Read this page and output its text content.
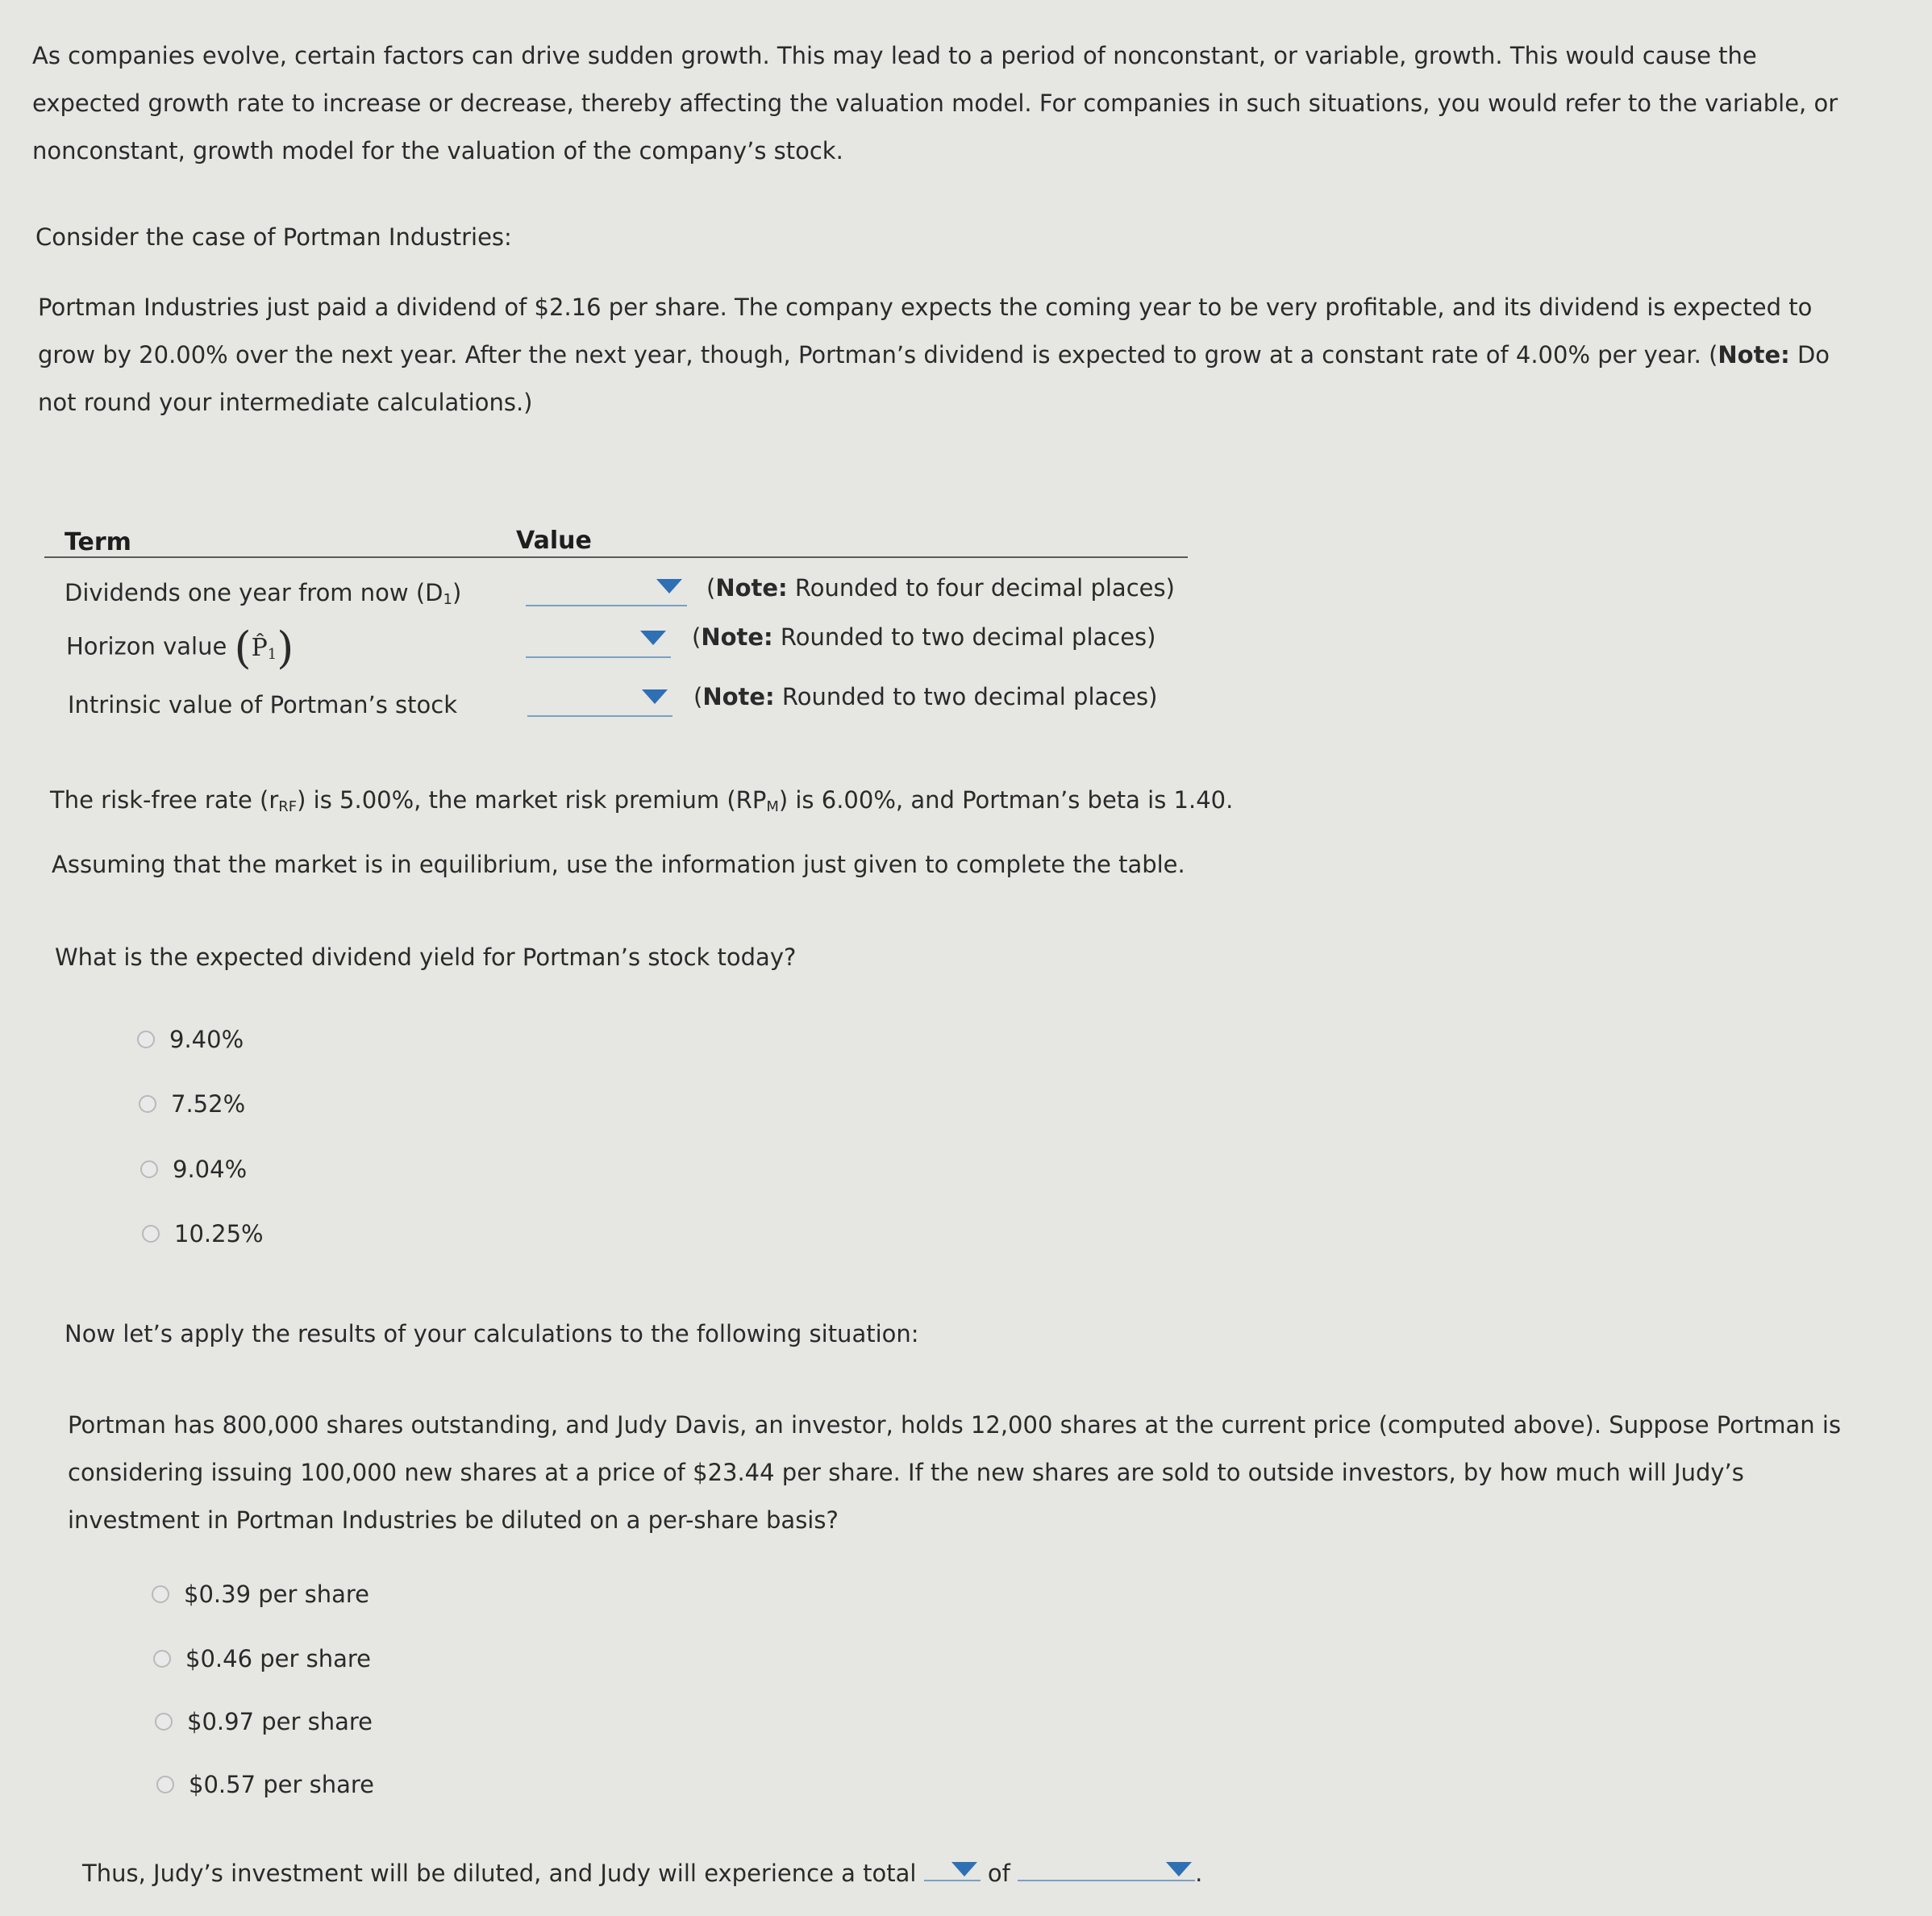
As companies evolve, certain factors can drive sudden growth. This may lead to a period of nonconstant, or variable, growth. This would cause the
expected growth rate to increase or decrease, thereby affecting the valuation model. For companies in such situations, you would refer to the variable, or
nonconstant, growth model for the valuation of the company’s stock.
Consider the case of Portman Industries:
Portman Industries just paid a dividend of $2.16 per share. The company expects the coming year to be very profitable, and its dividend is expected to
grow by 20.00% over the next year. After the next year, though, Portman’s dividend is expected to grow at a constant rate of 4.00% per year. (Note: Do
not round your intermediate calculations.)
Term	Value
Dividends one year from now $(D_1)$	(Note: Rounded to four decimal places)
Horizon value $(P̂_1)$	(Note: Rounded to two decimal places)
Intrinsic value of Portman’s stock	(Note: Rounded to two decimal places)
The risk-free rate $(r_{RF})$ is 5.00%, the market risk premium $(RP_M)$ is 6.00%, and Portman’s beta is 1.40.
Assuming that the market is in equilibrium, use the information just given to complete the table.
What is the expected dividend yield for Portman’s stock today?
9.40%
7.52%
9.04%
10.25%
Now let’s apply the results of your calculations to the following situation:
Portman has 800,000 shares outstanding, and Judy Davis, an investor, holds 12,000 shares at the current price (computed above). Suppose Portman is
considering issuing 100,000 new shares at a price of $23.44 per share. If the new shares are sold to outside investors, by how much will Judy’s
investment in Portman Industries be diluted on a per-share basis?
$0.39 per share
$0.46 per share
$0.97 per share
$0.57 per share
Thus, Judy’s investment will be diluted, and Judy will experience a total	of	.
